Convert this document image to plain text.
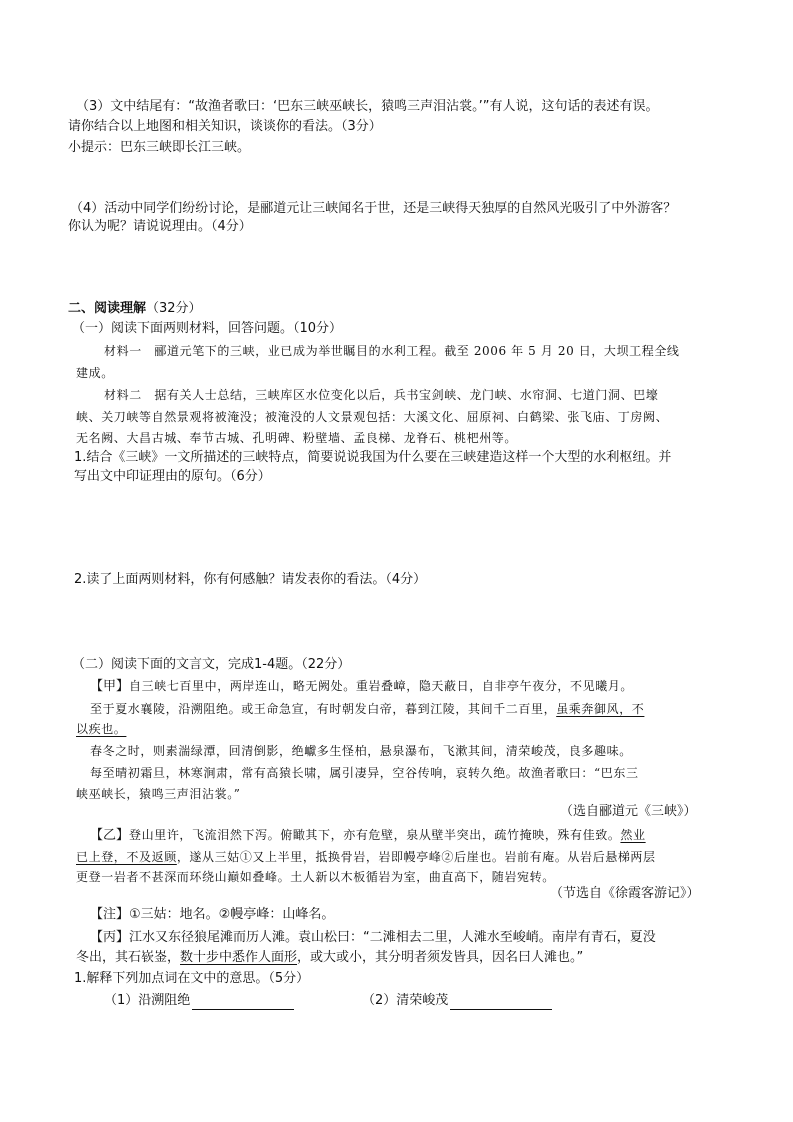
（3）文中结尾有：“故渔者歌曰：‘巴东三峡巫峡长，猿鸣三声泪沾裳。’”有人说，这句话的表述有误。
请你结合以上地图和相关知识，谈谈你的看法。（3分）
小提示：巴东三峡即长江三峡。
（4）活动中同学们纷纷讨论，是郦道元让三峡闻名于世，还是三峡得天独厚的自然风光吸引了中外游客？
你认为呢？请说说理由。（4分）
二、阅读理解（32分）
（一）阅读下面两则材料，回答问题。（10分）
材料一　郦道元笔下的三峡，业已成为举世瞩目的水利工程。截至 2006 年 5 月 20 日，大坝工程全线
建成。
材料二　据有关人士总结，三峡库区水位变化以后，兵书宝剑峡、龙门峡、水帘洞、七道门洞、巴壕
峡、关刀峡等自然景观将被淹没；被淹没的人文景观包括：大溪文化、屈原祠、白鹤梁、张飞庙、丁房阙、
无名阙、大昌古城、奉节古城、孔明碑、粉壁墙、孟良梯、龙脊石、桃杷州等。
1.结合《三峡》一文所描述的三峡特点，简要说说我国为什么要在三峡建造这样一个大型的水利枢纽。并
写出文中印证理由的原句。（6分）
2.读了上面两则材料，你有何感触？请发表你的看法。（4分）
（二）阅读下面的文言文，完成1-4题。（22分）
【甲】自三峡七百里中，两岸连山，略无阙处。重岩叠嶂，隐天蔽日，自非亭午夜分，不见曦月。
至于夏水襄陵，沿溯阻绝。或王命急宣，有时朝发白帝，暮到江陵，其间千二百里，虽乘奔御风，不
以疾也。
春冬之时，则素湍绿潭，回清倒影，绝巘多生怪柏，悬泉瀑布，飞漱其间，清荣峻茂，良多趣味。
每至晴初霜旦，林寒涧肃，常有高猿长啸，属引凄异，空谷传响，哀转久绝。故渔者歌曰：“巴东三
峡巫峡长，猿鸣三声泪沾裳。”
（选自郦道元《三峡》）
【乙】登山里许，飞流泪然下泻。俯瞰其下，亦有危壁，泉从壁半突出，疏竹掩映，殊有佳致。然业
已上登，不及返顾，遂从三姑①又上半里，抵换骨岩，岩即幔亭峰②后崖也。岩前有庵。从岩后悬梯两层
更登一岩者不甚深而环绕山巅如叠峰。土人新以木板循岩为室，曲直高下，随岩宛转。
（节选自《徐霞客游记》）
【注】①三姑：地名。②幔亭峰：山峰名。
【丙】江水又东径狼尾滩而历人滩。袁山松曰：“二滩相去二里，人滩水至峻峭。南岸有青石，夏没
冬出，其石嵚崟，数十步中悉作人面形，或大或小，其分明者须发皆具，因名曰人滩也。”
1.解释下列加点词在文中的意思。（5分）
（1）沿溯阻绝	（2）清荣峻茂
